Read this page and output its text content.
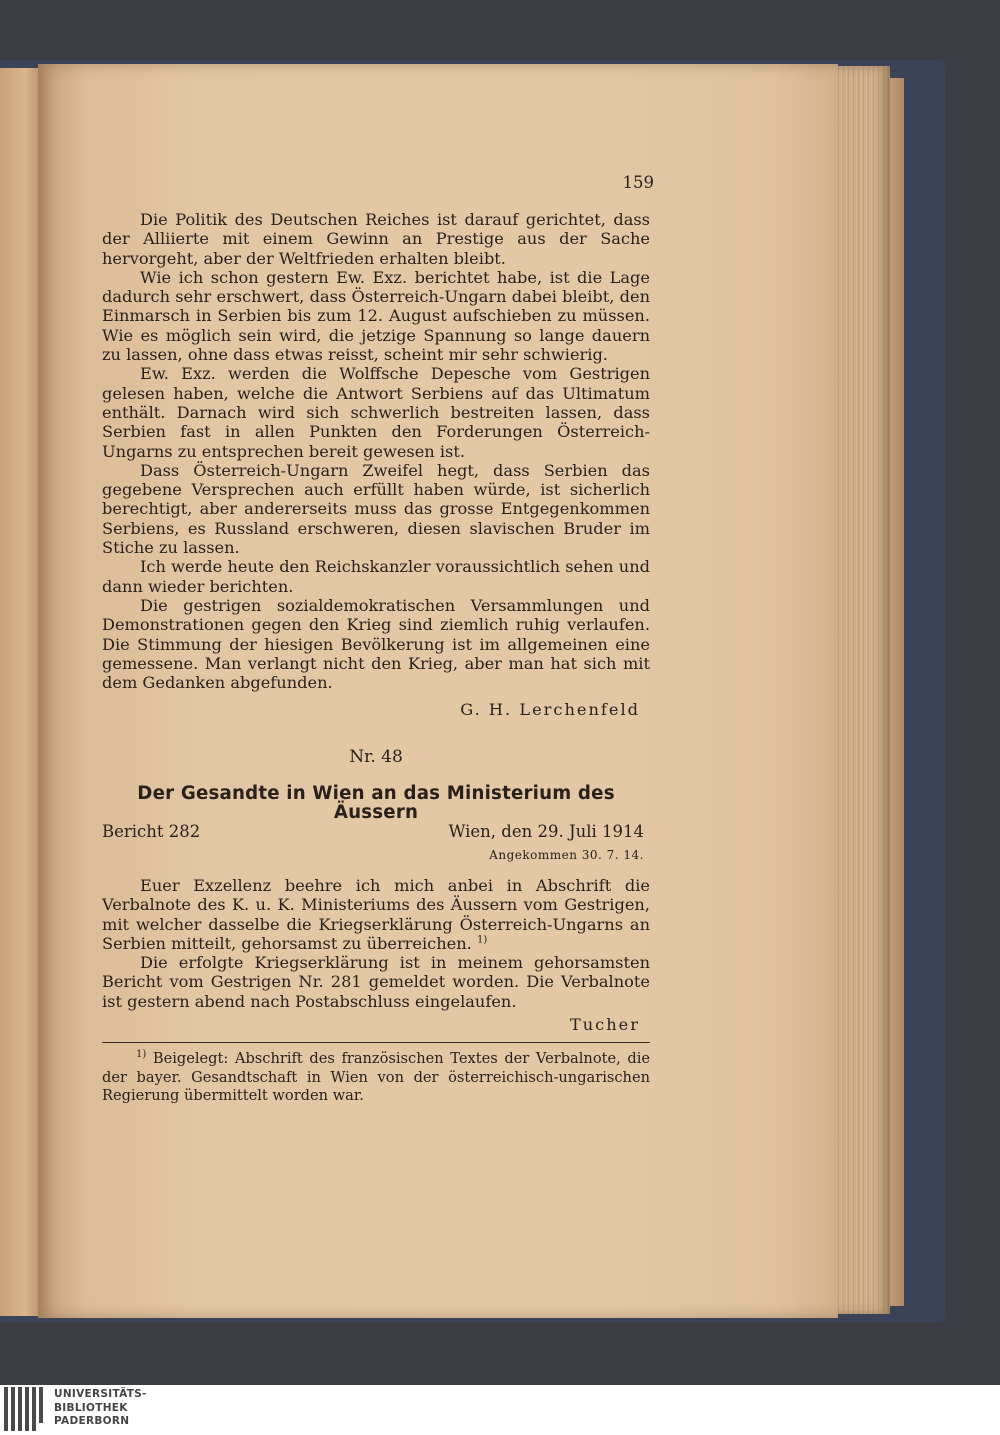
159

Die Politik des Deutschen Reiches ist darauf gerichtet, dass der Alliierte mit einem Gewinn an Prestige aus der Sache hervorgeht, aber der Weltfrieden erhalten bleibt.

Wie ich schon gestern Ew. Exz. berichtet habe, ist die Lage dadurch sehr erschwert, dass Österreich-Ungarn dabei bleibt, den Einmarsch in Serbien bis zum 12. August aufschieben zu müssen. Wie es möglich sein wird, die jetzige Spannung so lange dauern zu lassen, ohne dass etwas reisst, scheint mir sehr schwierig.

Ew. Exz. werden die Wolffsche Depesche vom Gestrigen gelesen haben, welche die Antwort Serbiens auf das Ultimatum enthält. Darnach wird sich schwerlich bestreiten lassen, dass Serbien fast in allen Punkten den Forderungen Österreich-Ungarns zu entsprechen bereit gewesen ist.

Dass Österreich-Ungarn Zweifel hegt, dass Serbien das gegebene Versprechen auch erfüllt haben würde, ist sicherlich berechtigt, aber andererseits muss das grosse Entgegenkommen Serbiens, es Russland erschweren, diesen slavischen Bruder im Stiche zu lassen.

Ich werde heute den Reichskanzler voraussichtlich sehen und dann wieder berichten.

Die gestrigen sozialdemokratischen Versammlungen und Demonstrationen gegen den Krieg sind ziemlich ruhig verlaufen. Die Stimmung der hiesigen Bevölkerung ist im allgemeinen eine gemessene. Man verlangt nicht den Krieg, aber man hat sich mit dem Gedanken abgefunden.

G. H. Lerchenfeld

Nr. 48
Der Gesandte in Wien an das Ministerium des Äussern
Bericht 282	Wien, den 29. Juli 1914
Angekommen 30. 7. 14.

Euer Exzellenz beehre ich mich anbei in Abschrift die Verbalnote des K. u. K. Ministeriums des Äussern vom Gestrigen, mit welcher dasselbe die Kriegserklärung Österreich-Ungarns an Serbien mitteilt, gehorsamst zu überreichen. $^{1)}$

Die erfolgte Kriegserklärung ist in meinem gehorsamsten Bericht vom Gestrigen Nr. 281 gemeldet worden. Die Verbalnote ist gestern abend nach Postabschluss eingelaufen.

Tucher

$^{1)}$ Beigelegt: Abschrift des französischen Textes der Verbalnote, die der bayer. Gesandtschaft in Wien von der österreichisch-ungarischen Regierung übermittelt worden war.

UNIVERSITÄTS-
BIBLIOTHEK
PADERBORN
